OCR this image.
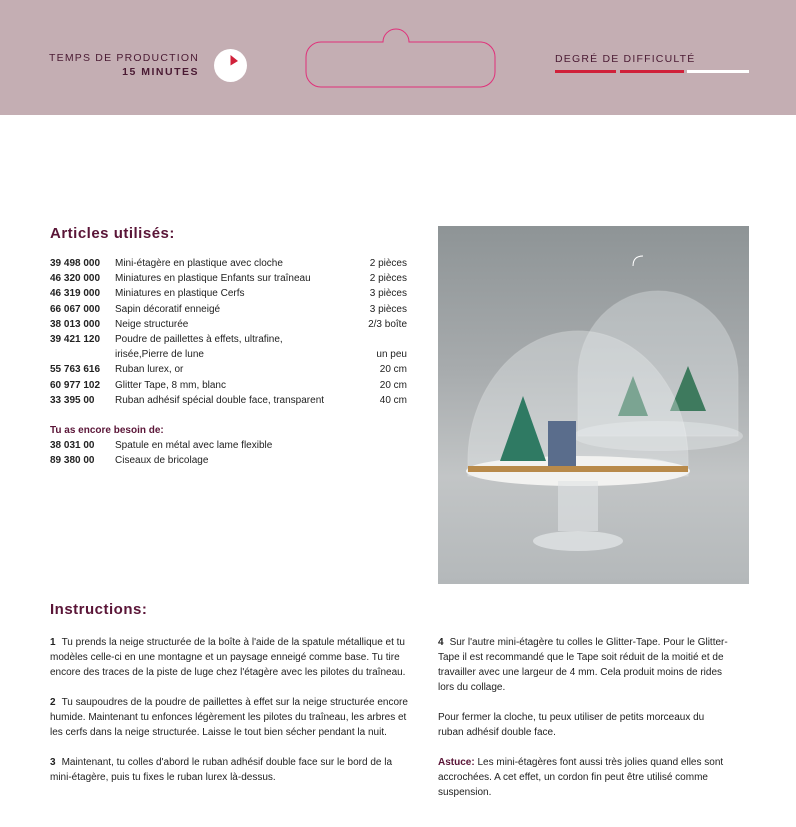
TEMPS DE PRODUCTION
15 MINUTES
DEGRÉ DE DIFFICULTÉ
Articles utilisés:
39 498 000	Mini-étagère en plastique avec cloche	2 pièces
46 320 000	Miniatures en plastique Enfants sur traîneau	2 pièces
46 319 000	Miniatures en plastique Cerfs	3 pièces
66 067 000	Sapin décoratif enneigé	3 pièces
38 013 000	Neige structurée	2/3 boîte
39 421 120	Poudre de paillettes à effets, ultrafine,
irisée,Pierre de lune	un peu
55 763 616	Ruban lurex, or	20 cm
60 977 102	Glitter Tape, 8 mm, blanc	20 cm
33 395 00	Ruban adhésif spécial double face, transparent	40 cm
Tu as encore besoin de:
38 031 00	Spatule en métal avec lame flexible
89 380 00	Ciseaux de bricolage
Instructions:

1 Tu prends la neige structurée de la boîte à l'aide de la spatule métallique et tu modèles celle-ci en une montagne et un paysage enneigé comme base. Tu tire encore des traces de la piste de luge chez l'étagère avec les pilotes du traîneau.

2 Tu saupoudres de la poudre de paillettes à effet sur la neige structurée encore humide. Maintenant tu enfonces légèrement les pilotes du traîneau, les arbres et les cerfs dans la neige structurée. Laisse le tout bien sécher pendant la nuit.

3 Maintenant, tu colles d'abord le ruban adhésif double face sur le bord de la mini-étagère, puis tu fixes le ruban lurex là-dessus.

4 Sur l'autre mini-étagère tu colles le Glitter-Tape. Pour le Glitter-Tape il est recommandé que le Tape soit réduit de la moitié et de travailler avec une largeur de 4 mm. Cela produit moins de rides lors du collage.

Pour fermer la cloche, tu peux utiliser de petits morceaux du ruban adhésif double face.

Astuce: Les mini-étagères font aussi très jolies quand elles sont accrochées. A cet effet, un cordon fin peut être utilisé comme suspension.
